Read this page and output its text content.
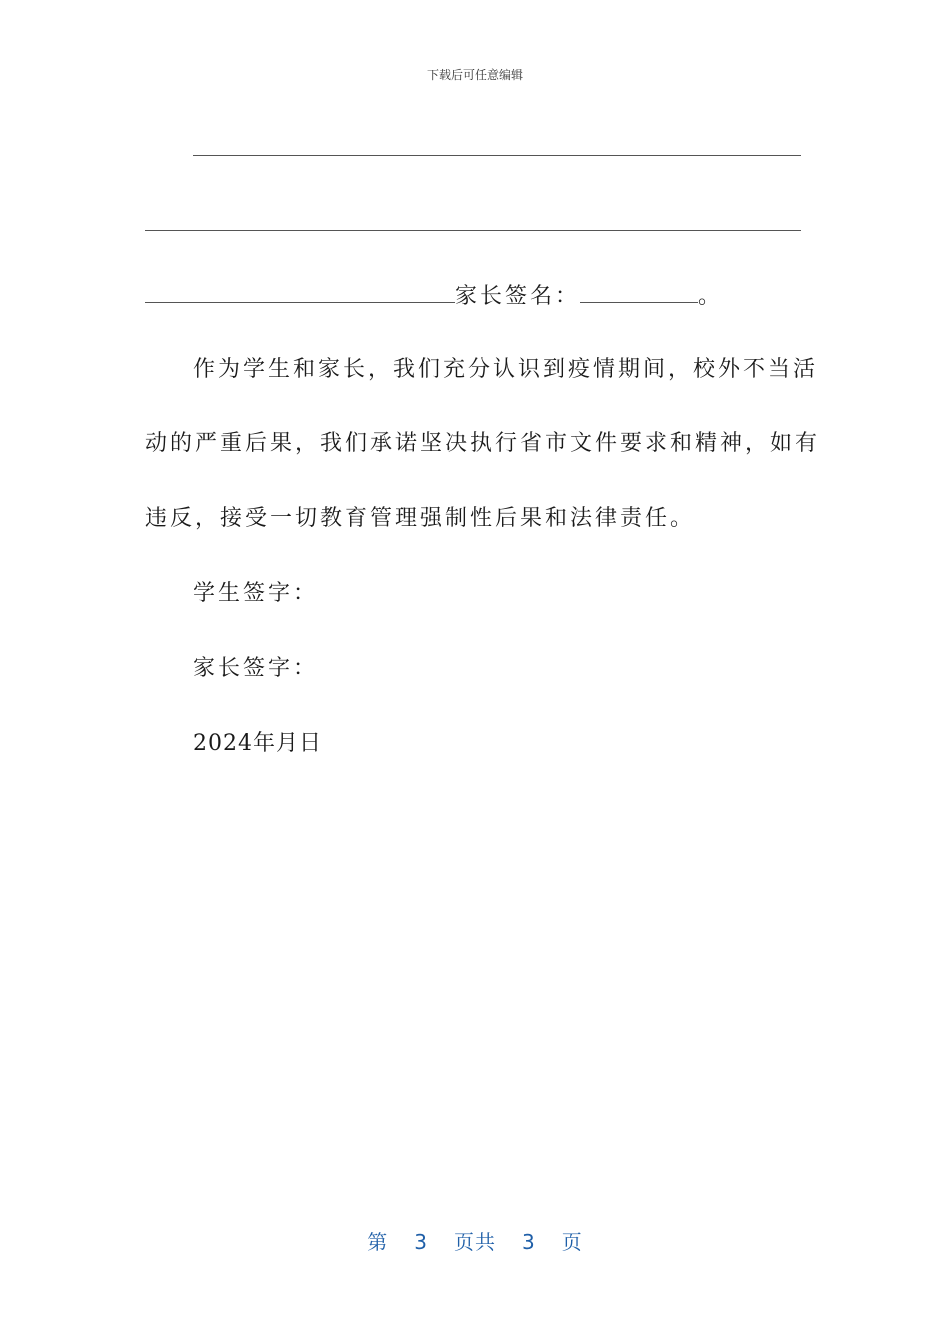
下载后可任意编辑
家长签名：	。
作为学生和家长，我们充分认识到疫情期间，校外不当活
动的严重后果，我们承诺坚决执行省市文件要求和精神，如有
违反，接受一切教育管理强制性后果和法律责任。
学生签字：
家长签字：
2024年月日
第 3 页共 3 页
